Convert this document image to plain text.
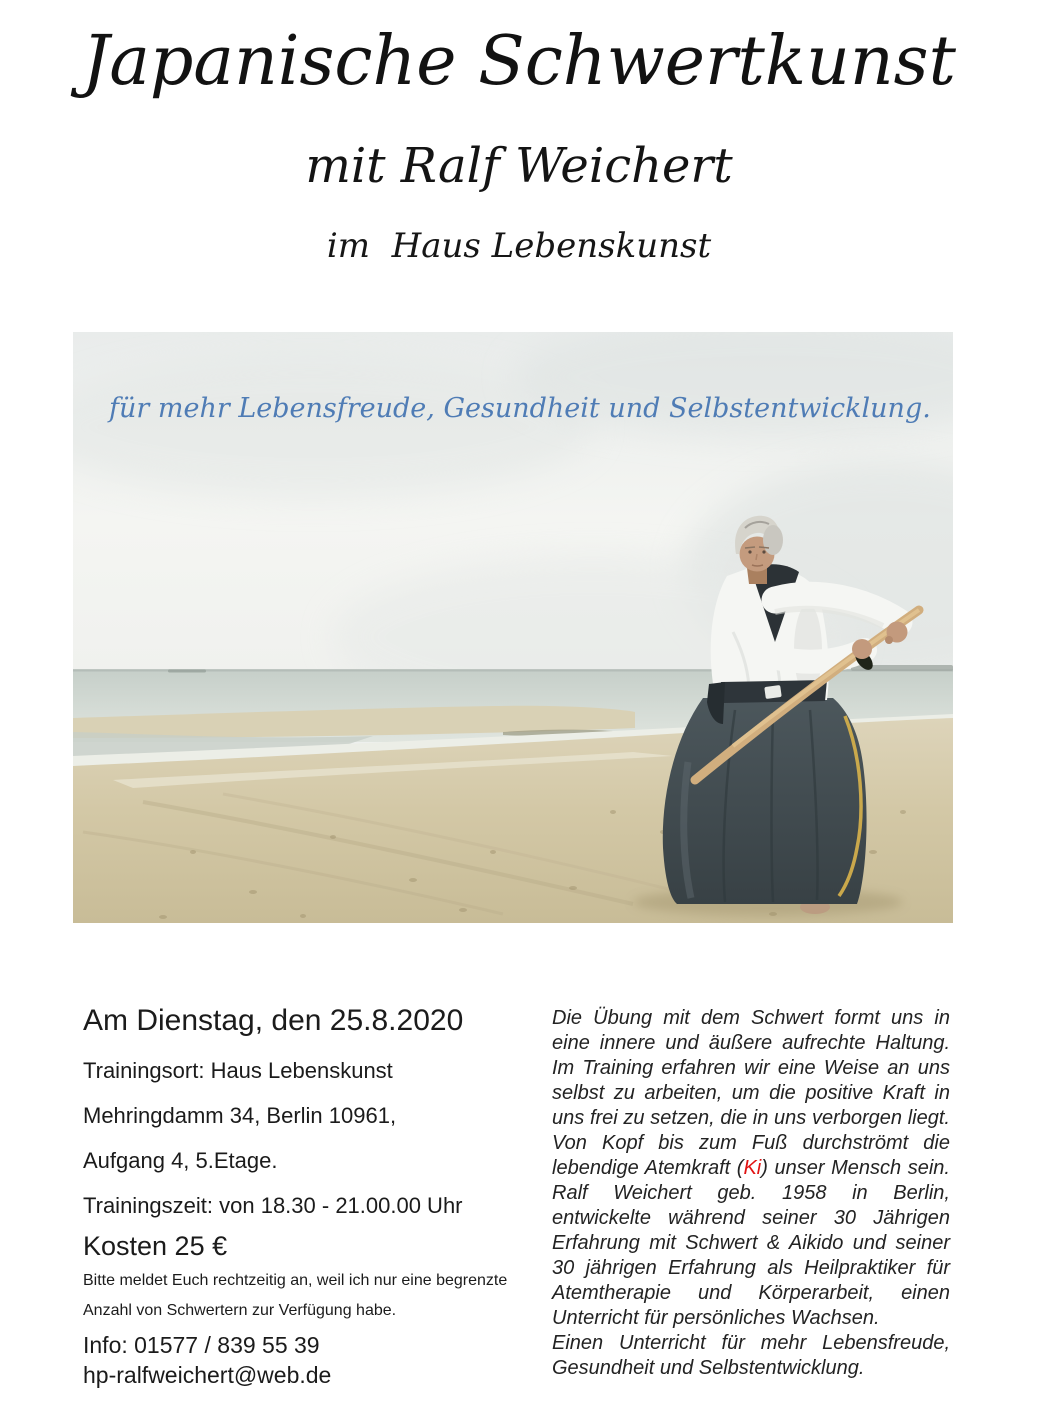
Japanische Schwertkunst
mit Ralf Weichert
im  Haus Lebenskunst
für mehr Lebensfreude, Gesundheit und Selbstentwicklung.

Am Dienstag, den 25.8.2020

Trainingsort: Haus Lebenskunst

Mehringdamm 34, Berlin 10961,

Aufgang 4, 5.Etage.

Trainingszeit: von 18.30 - 21.00.00 Uhr

Kosten 25 €

Bitte meldet Euch rechtzeitig an, weil ich nur eine begrenzte

Anzahl von Schwertern zur Verfügung habe.

Info: 01577 / 839 55 39

hp-ralfweichert@web.de

Die Übung mit dem Schwert formt uns in eine innere und äußere aufrechte Haltung. Im Training erfahren wir eine Weise an uns selbst zu arbeiten, um die positive Kraft in uns frei zu setzen, die in uns verborgen liegt. Von Kopf bis zum Fuß durchströmt die lebendige Atemkraft (Ki) unser Mensch sein. Ralf Weichert geb. 1958 in Berlin, entwickelte während seiner 30 Jährigen Erfahrung mit Schwert & Aikido und seiner 30 jährigen Erfahrung als Heilpraktiker für Atemtherapie und Körperarbeit, einen Unterricht für persönliches Wachsen.

Einen Unterricht für mehr Lebensfreude, Gesundheit und Selbstentwicklung.
